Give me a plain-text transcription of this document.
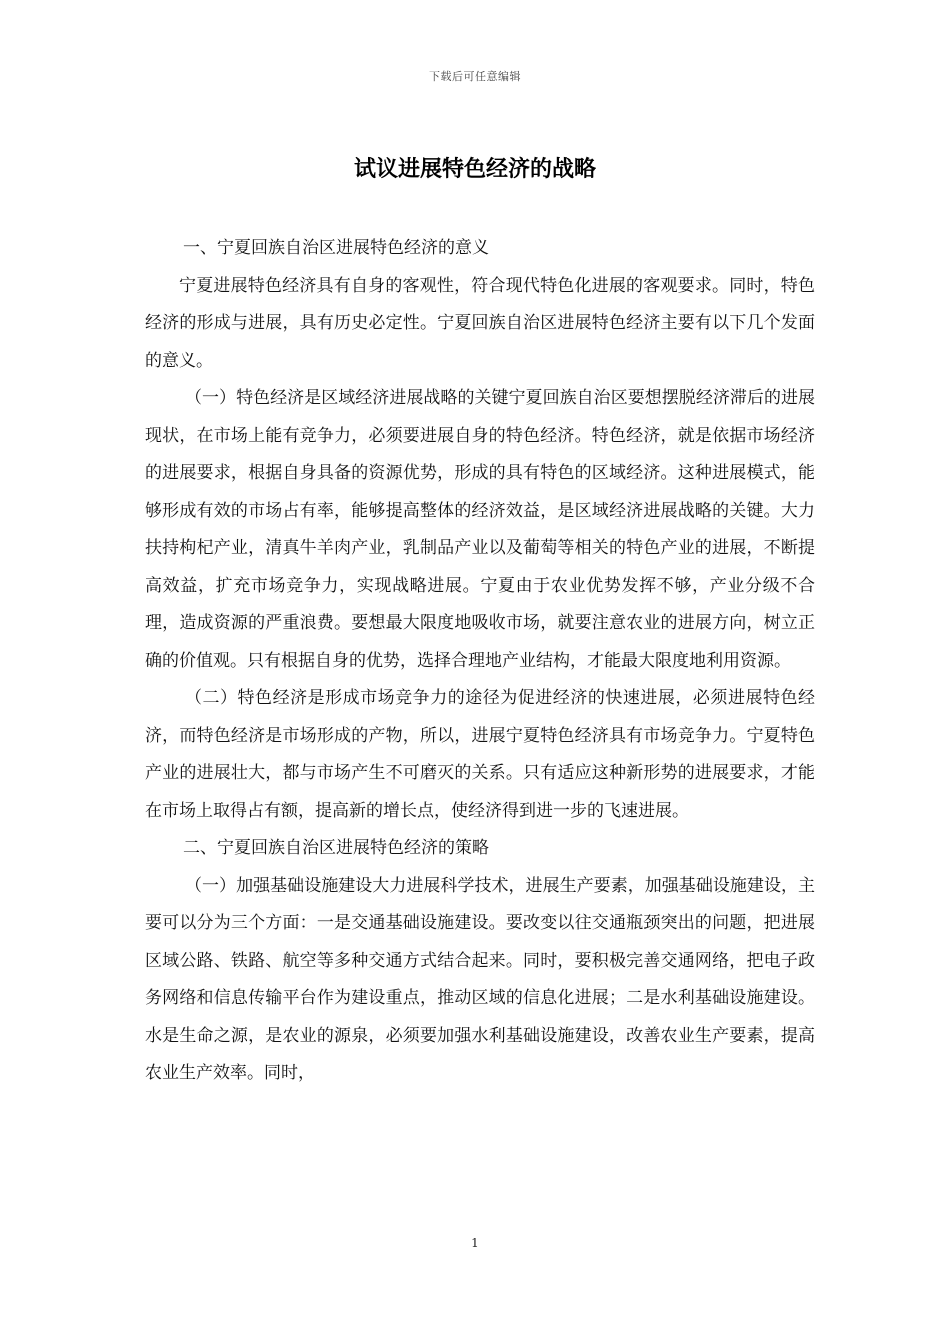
下载后可任意编辑
试议进展特色经济的战略

一、宁夏回族自治区进展特色经济的意义

宁夏进展特色经济具有自身的客观性，符合现代特色化进展的客观要求。同时，特色经济的形成与进展，具有历史必定性。宁夏回族自治区进展特色经济主要有以下几个发面的意义。

（一）特色经济是区域经济进展战略的关键宁夏回族自治区要想摆脱经济滞后的进展现状，在市场上能有竞争力，必须要进展自身的特色经济。特色经济，就是依据市场经济的进展要求，根据自身具备的资源优势，形成的具有特色的区域经济。这种进展模式，能够形成有效的市场占有率，能够提高整体的经济效益，是区域经济进展战略的关键。大力扶持枸杞产业，清真牛羊肉产业，乳制品产业以及葡萄等相关的特色产业的进展，不断提高效益，扩充市场竞争力，实现战略进展。宁夏由于农业优势发挥不够，产业分级不合理，造成资源的严重浪费。要想最大限度地吸收市场，就要注意农业的进展方向，树立正确的价值观。只有根据自身的优势，选择合理地产业结构，才能最大限度地利用资源。

（二）特色经济是形成市场竞争力的途径为促进经济的快速进展，必须进展特色经济，而特色经济是市场形成的产物，所以，进展宁夏特色经济具有市场竞争力。宁夏特色产业的进展壮大，都与市场产生不可磨灭的关系。只有适应这种新形势的进展要求，才能在市场上取得占有额，提高新的增长点，使经济得到进一步的飞速进展。

二、宁夏回族自治区进展特色经济的策略

（一）加强基础设施建设大力进展科学技术，进展生产要素，加强基础设施建设，主要可以分为三个方面：一是交通基础设施建设。要改变以往交通瓶颈突出的问题，把进展区域公路、铁路、航空等多种交通方式结合起来。同时，要积极完善交通网络，把电子政务网络和信息传输平台作为建设重点，推动区域的信息化进展；二是水利基础设施建设。水是生命之源，是农业的源泉，必须要加强水利基础设施建设，改善农业生产要素，提高农业生产效率。同时，

1
